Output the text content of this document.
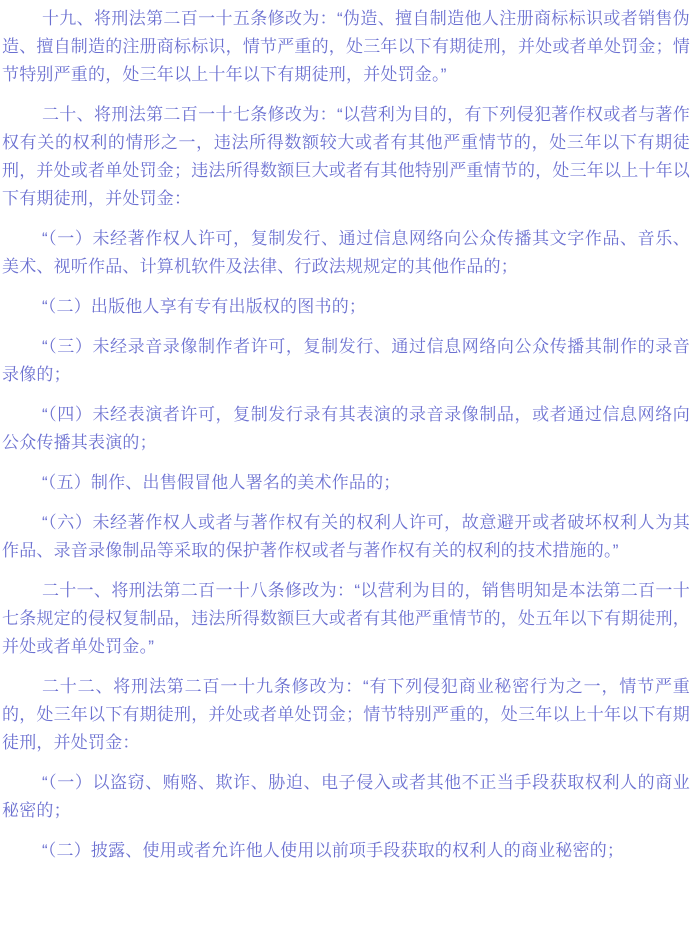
十九、将刑法第二百一十五条修改为：“伪造、擅自制造他人注册商标标识或者销售伪造、擅自制造的注册商标标识，情节严重的，处三年以下有期徒刑，并处或者单处罚金；情节特别严重的，处三年以上十年以下有期徒刑，并处罚金。”

二十、将刑法第二百一十七条修改为：“以营利为目的，有下列侵犯著作权或者与著作权有关的权利的情形之一，违法所得数额较大或者有其他严重情节的，处三年以下有期徒刑，并处或者单处罚金；违法所得数额巨大或者有其他特别严重情节的，处三年以上十年以下有期徒刑，并处罚金：

“（一）未经著作权人许可，复制发行、通过信息网络向公众传播其文字作品、音乐、美术、视听作品、计算机软件及法律、行政法规规定的其他作品的；

“（二）出版他人享有专有出版权的图书的；

“（三）未经录音录像制作者许可，复制发行、通过信息网络向公众传播其制作的录音录像的；

“（四）未经表演者许可，复制发行录有其表演的录音录像制品，或者通过信息网络向公众传播其表演的；

“（五）制作、出售假冒他人署名的美术作品的；

“（六）未经著作权人或者与著作权有关的权利人许可，故意避开或者破坏权利人为其作品、录音录像制品等采取的保护著作权或者与著作权有关的权利的技术措施的。”

二十一、将刑法第二百一十八条修改为：“以营利为目的，销售明知是本法第二百一十七条规定的侵权复制品，违法所得数额巨大或者有其他严重情节的，处五年以下有期徒刑，并处或者单处罚金。”

二十二、将刑法第二百一十九条修改为：“有下列侵犯商业秘密行为之一，情节严重的，处三年以下有期徒刑，并处或者单处罚金；情节特别严重的，处三年以上十年以下有期徒刑，并处罚金：

“（一）以盗窃、贿赂、欺诈、胁迫、电子侵入或者其他不正当手段获取权利人的商业秘密的；

“（二）披露、使用或者允许他人使用以前项手段获取的权利人的商业秘密的；
